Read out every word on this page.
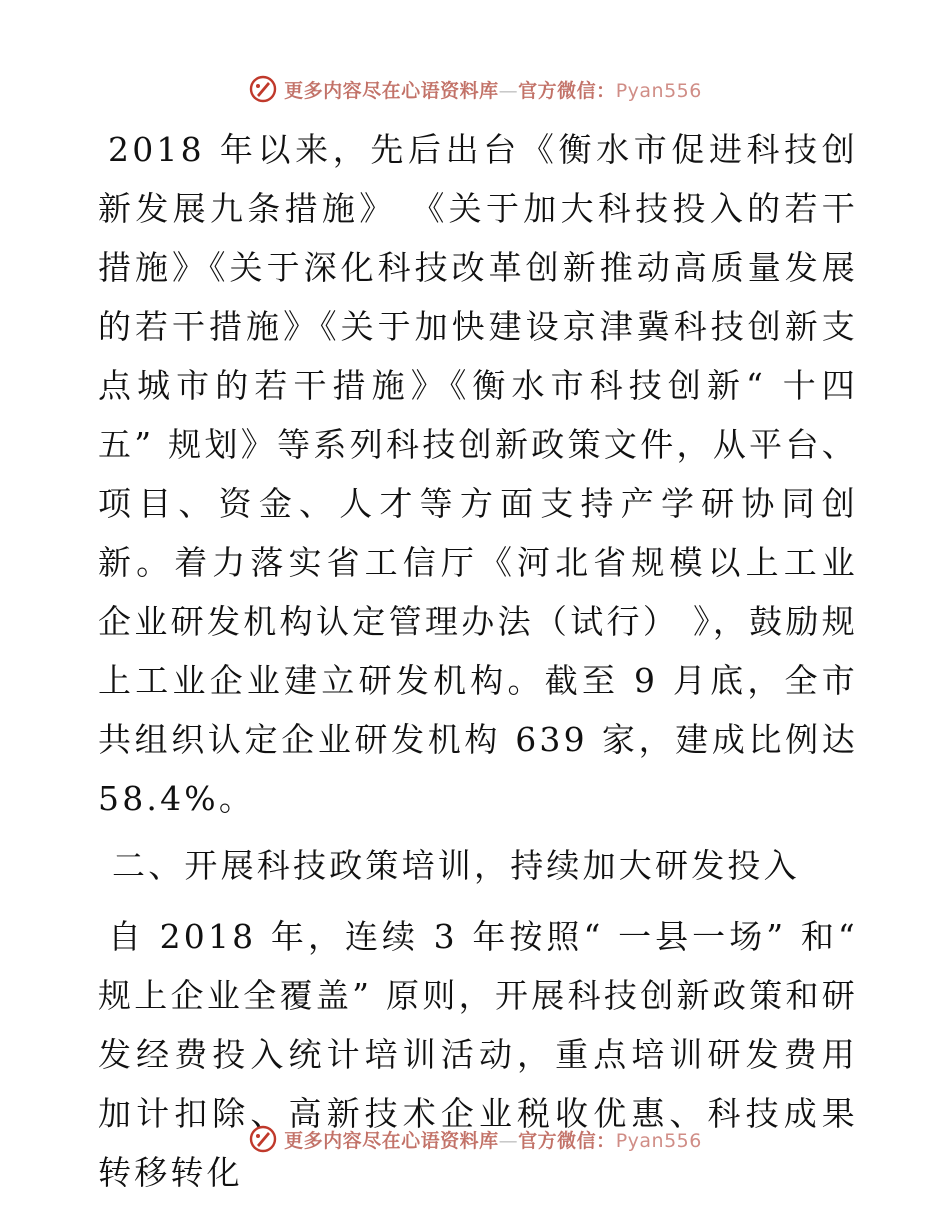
更多内容尽在心语资料库—官方微信：Pyan556

2018 年以来，先后出台《衡水市促进科技创新发展九条措施》 《关于加大科技投入的若干措施》《关于深化科技改革创新推动高质量发展的若干措施》《关于加快建设京津冀科技创新支点城市的若干措施》《衡水市科技创新“ 十四五” 规划》等系列科技创新政策文件，从平台、项目、资金、人才等方面支持产学研协同创新。着力落实省工信厅《河北省规模以上工业企业研发机构认定管理办法（试行） 》，鼓励规上工业企业建立研发机构。截至 9 月底，全市共组织认定企业研发机构 639 家，建成比例达 58.4%。

二、开展科技政策培训，持续加大研发投入

自 2018 年，连续 3 年按照“ 一县一场” 和“ 规上企业全覆盖” 原则，开展科技创新政策和研发经费投入统计培训活动，重点培训研发费用加计扣除、高新技术企业税收优惠、科技成果转移转化

更多内容尽在心语资料库—官方微信：Pyan556
